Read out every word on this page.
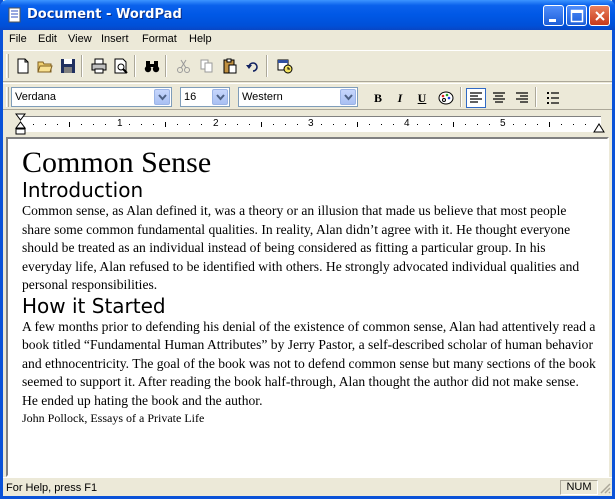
Document - WordPad
File Edit View Insert Format Help
Verdana	16	Western	B	I	U
1	2	3	4	5
Common Sense
Introduction

Common sense, as Alan defined it, was a theory or an illusion that made us believe that most people share some common fundamental qualities. In reality, Alan didn’t agree with it. He thought everyone should be treated as an individual instead of being considered as fitting a particular group. In his everyday life, Alan refused to be identified with others. He strongly advocated individual qualities and personal responsibilities.

How it Started

A few months prior to defending his denial of the existence of common sense, Alan had attentively read a book titled “Fundamental Human Attributes” by Jerry Pastor, a self-described scholar of human behavior and ethnocentricity. The goal of the book was not to defend common sense but many sections of the book seemed to support it. After reading the book half-through, Alan thought the author did not make sense. He ended up hating the book and the author.

John Pollock, Essays of a Private Life

For Help, press F1	NUM
